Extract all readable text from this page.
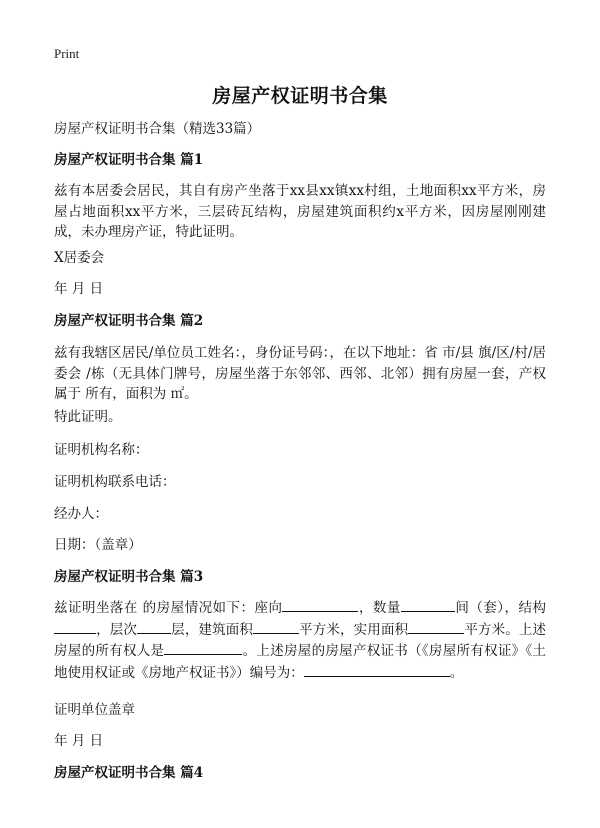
Print
房屋产权证明书合集
房屋产权证明书合集（精选33篇）
房屋产权证明书合集 篇1
兹有本居委会居民，其自有房产坐落于xx县xx镇xx村组，土地面积xx平方米，房屋占地面积xx平方米，三层砖瓦结构，房屋建筑面积约x平方米，因房屋刚刚建成，未办理房产证，特此证明。
X居委会
年 月 日
房屋产权证明书合集 篇2
兹有我辖区居民/单位员工姓名：，身份证号码：，在以下地址：省 市/县 旗/区/村/居委会 /栋（无具体门牌号，房屋坐落于东邻邻、西邻、北邻）拥有房屋一套，产权属于 所有，面积为 ㎡。
特此证明。
证明机构名称：
证明机构联系电话：
经办人：
日期：（盖章）
房屋产权证明书合集 篇3
兹证明坐落在 的房屋情况如下：座向	，数量	间（套），结构，层次	层，建筑面积	平方米，实用面积	平方米。上述房屋的所有权人是	。上述房屋的房屋产权证书（《房屋所有权证》《土地使用权证或《房地产权证书》）编号为：	。
证明单位盖章
年 月 日
房屋产权证明书合集 篇4
